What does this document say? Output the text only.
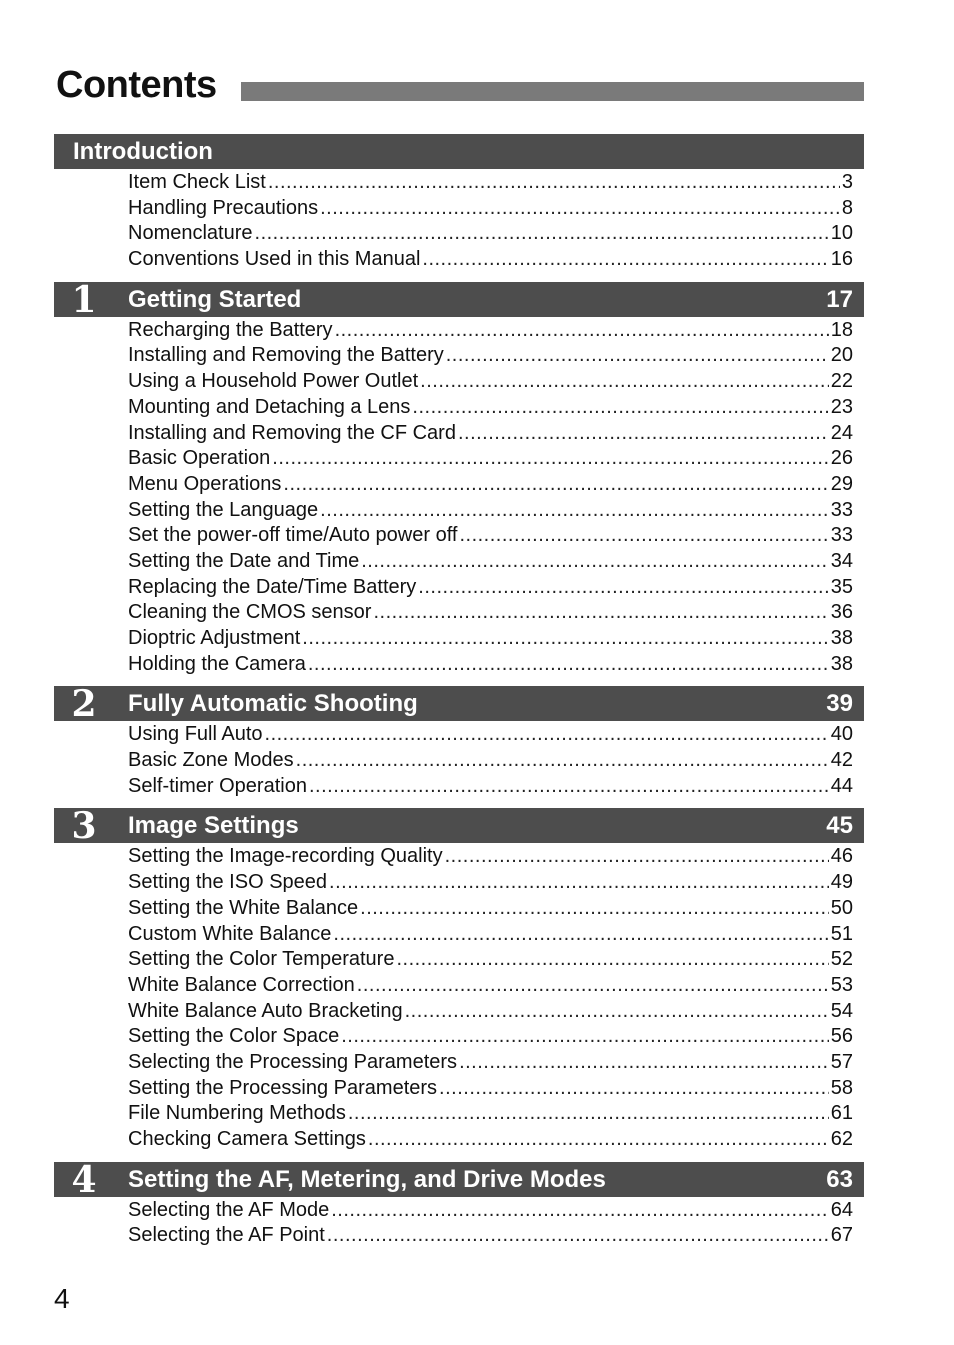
Contents
Introduction
Item Check List .....	3
Handling Precautions .....	8
Nomenclature .....	10
Conventions Used in this Manual .....	16
1 Getting Started	17
Recharging the Battery .....	18
Installing and Removing the Battery .....	20
Using a Household Power Outlet .....	22
Mounting and Detaching a Lens .....	23
Installing and Removing the CF Card .....	24
Basic Operation .....	26
Menu Operations .....	29
Setting the Language .....	33
Set the power-off time/Auto power off .....	33
Setting the Date and Time .....	34
Replacing the Date/Time Battery .....	35
Cleaning the CMOS sensor .....	36
Dioptric Adjustment .....	38
Holding the Camera .....	38
2 Fully Automatic Shooting	39
Using Full Auto .....	40
Basic Zone Modes .....	42
Self-timer Operation .....	44
3 Image Settings	45
Setting the Image-recording Quality .....	46
Setting the ISO Speed .....	49
Setting the White Balance .....	50
Custom White Balance .....	51
Setting the Color Temperature .....	52
White Balance Correction .....	53
White Balance Auto Bracketing .....	54
Setting the Color Space .....	56
Selecting the Processing Parameters .....	57
Setting the Processing Parameters .....	58
File Numbering Methods .....	61
Checking Camera Settings .....	62
4 Setting the AF, Metering, and Drive Modes	63
Selecting the AF Mode .....	64
Selecting the AF Point .....	67
4
